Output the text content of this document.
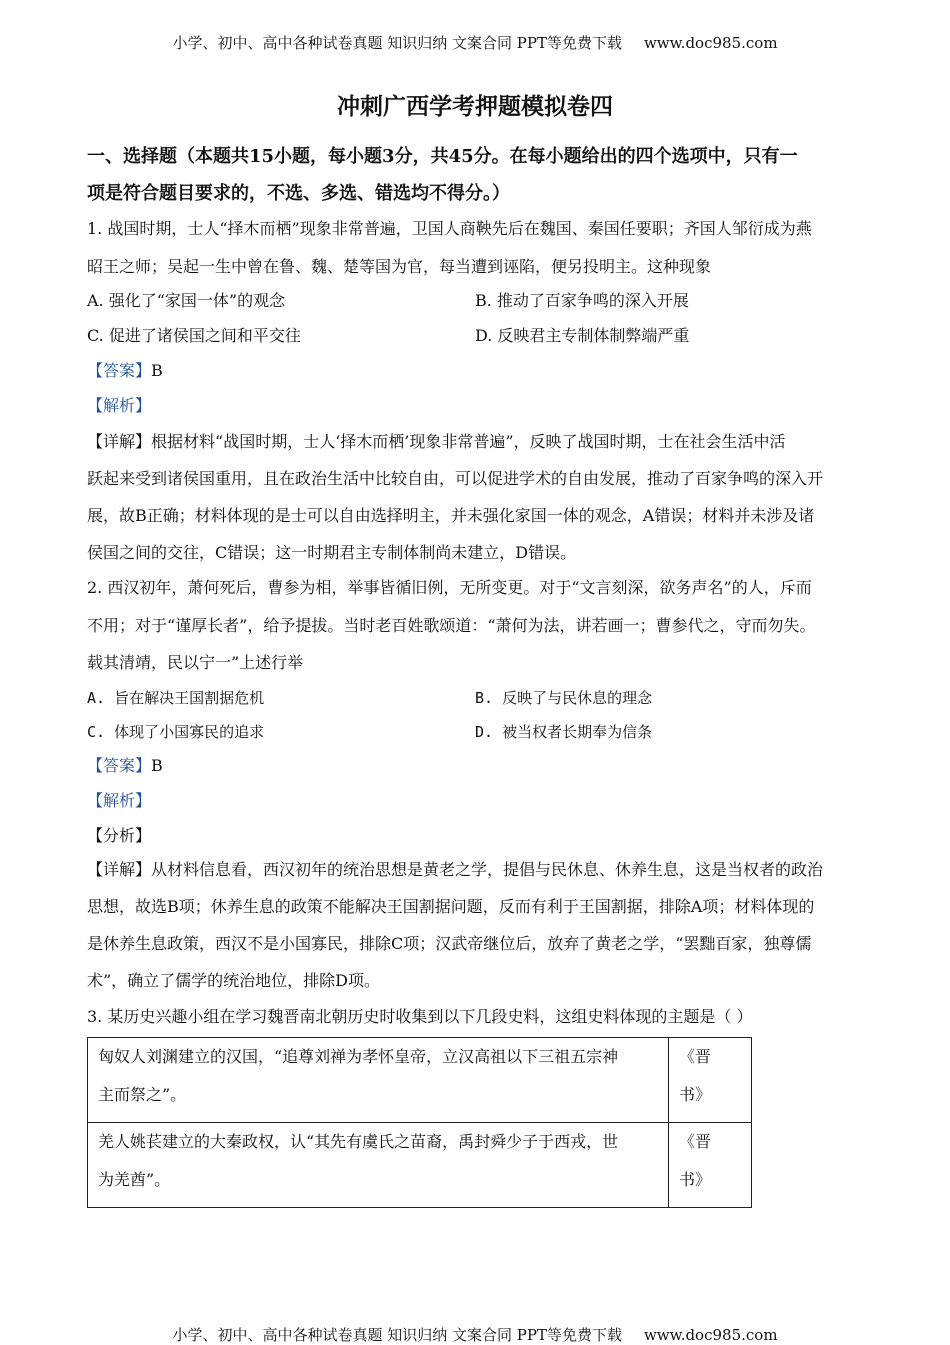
小学、初中、高中各种试卷真题 知识归纳 文案合同 PPT等免费下载 www.doc985.com
冲刺广西学考押题模拟卷四
一、选择题（本题共15小题，每小题3分，共45分。在每小题给出的四个选项中，只有一
项是符合题目要求的，不选、多选、错选均不得分。）
1. 战国时期，士人“择木而栖”现象非常普遍，卫国人商鞅先后在魏国、秦国任要职；齐国人邹衍成为燕
昭王之师；吴起一生中曾在鲁、魏、楚等国为官，每当遭到诬陷，便另投明主。这种现象
A. 强化了“家国一体”的观念	B. 推动了百家争鸣的深入开展
C. 促进了诸侯国之间和平交往	D. 反映君主专制体制弊端严重
【答案】B
【解析】
【详解】根据材料“战国时期，士人‘择木而栖’现象非常普遍”，反映了战国时期，士在社会生活中活
跃起来受到诸侯国重用，且在政治生活中比较自由，可以促进学术的自由发展，推动了百家争鸣的深入开
展，故B正确；材料体现的是士可以自由选择明主，并未强化家国一体的观念，A错误；材料并未涉及诸
侯国之间的交往，C错误；这一时期君主专制体制尚未建立，D错误。
2. 西汉初年，萧何死后，曹参为相，举事皆循旧例，无所变更。对于“文言刻深，欲务声名”的人，斥而
不用；对于“谨厚长者”，给予提拔。当时老百姓歌颂道：“萧何为法，讲若画一；曹参代之，守而勿失。
载其清靖，民以宁一”上述行举
A. 旨在解决王国割据危机	B. 反映了与民休息的理念
C. 体现了小国寡民的追求	D. 被当权者长期奉为信条
【答案】B
【解析】
【分析】
【详解】从材料信息看，西汉初年的统治思想是黄老之学，提倡与民休息、休养生息，这是当权者的政治
思想，故选B项；休养生息的政策不能解决王国割据问题，反而有利于王国割据，排除A项；材料体现的
是休养生息政策，西汉不是小国寡民，排除C项；汉武帝继位后，放弃了黄老之学，“罢黜百家，独尊儒
术”，确立了儒学的统治地位，排除D项。
3. 某历史兴趣小组在学习魏晋南北朝历史时收集到以下几段史料，这组史料体现的主题是（ ）
匈奴人刘渊建立的汉国，“追尊刘禅为孝怀皇帝，立汉高祖以下三祖五宗神
主而祭之”。	《晋
书》

羌人姚苌建立的大秦政权，认“其先有虞氏之苗裔，禹封舜少子于西戎，世
为羌酋”。	《晋
书》
小学、初中、高中各种试卷真题 知识归纳 文案合同 PPT等免费下载 www.doc985.com
